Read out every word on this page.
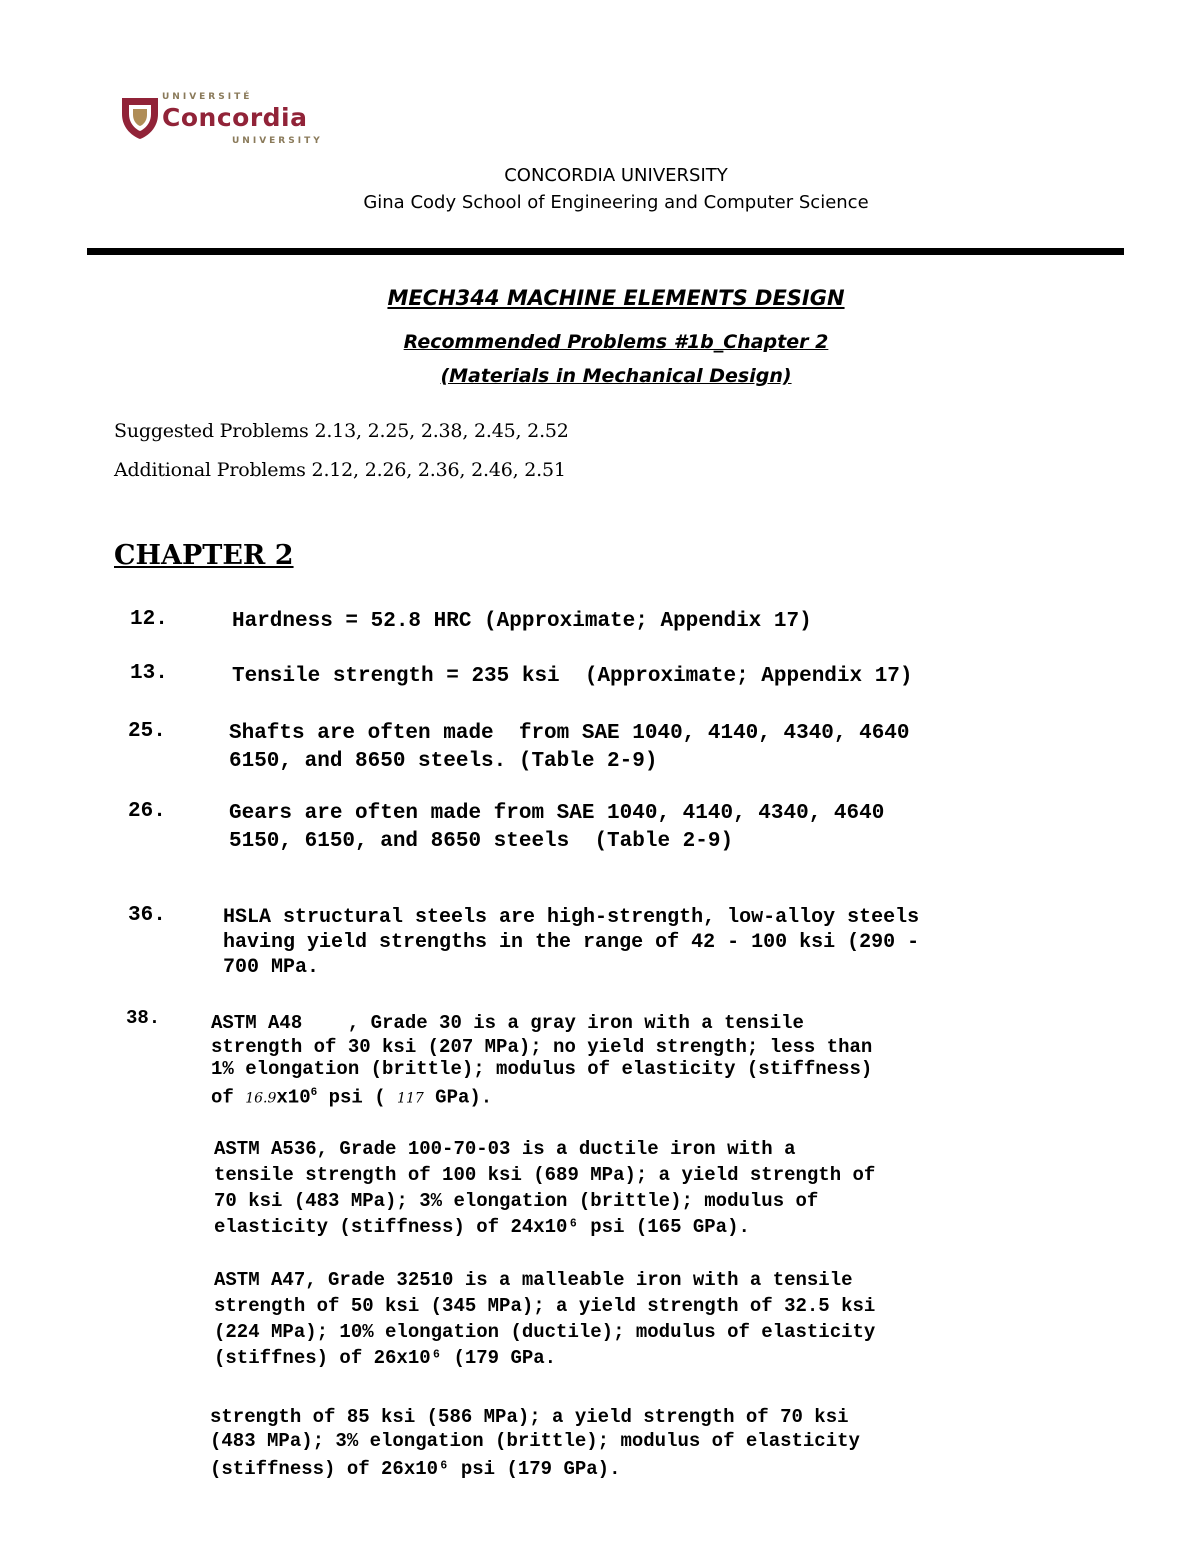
UNIVERSITÉ
Concordia
UNIVERSITY
CONCORDIA UNIVERSITY
Gina Cody School of Engineering and Computer Science
MECH344 MACHINE ELEMENTS DESIGN
Recommended Problems #1b_Chapter 2
(Materials in Mechanical Design)
Suggested Problems 2.13, 2.25, 2.38, 2.45, 2.52
Additional Problems 2.12, 2.26, 2.36, 2.46, 2.51
CHAPTER 2
12.	Hardness = 52.8 HRC (Approximate; Appendix 17)
13.	Tensile strength = 235 ksi  (Approximate; Appendix 17)
25.	Shafts are often made  from SAE 1040, 4140, 4340, 4640
6150, and 8650 steels. (Table 2-9)
26.	Gears are often made from SAE 1040, 4140, 4340, 4640
5150, 6150, and 8650 steels  (Table 2-9)
36.	HSLA structural steels are high-strength, low-alloy steels
having yield strengths in the range of 42 - 100 ksi (290 -
700 MPa.
38.	ASTM A48    , Grade 30 is a gray iron with a tensile
strength of 30 ksi (207 MPa); no yield strength; less than
1% elongation (brittle); modulus of elasticity (stiffness)
of $16.9x10^6$ psi ( 117 GPa).
ASTM A536, Grade 100-70-03 is a ductile iron with a
tensile strength of 100 ksi (689 MPa); a yield strength of
70 ksi (483 MPa); 3% elongation (brittle); modulus of
elasticity (stiffness) of 24x10⁶ psi (165 GPa).
ASTM A47, Grade 32510 is a malleable iron with a tensile
strength of 50 ksi (345 MPa); a yield strength of 32.5 ksi
(224 MPa); 10% elongation (ductile); modulus of elasticity
(stiffnes) of 26x10⁶ (179 GPa.
strength of 85 ksi (586 MPa); a yield strength of 70 ksi
(483 MPa); 3% elongation (brittle); modulus of elasticity
(stiffness) of 26x10⁶ psi (179 GPa).
